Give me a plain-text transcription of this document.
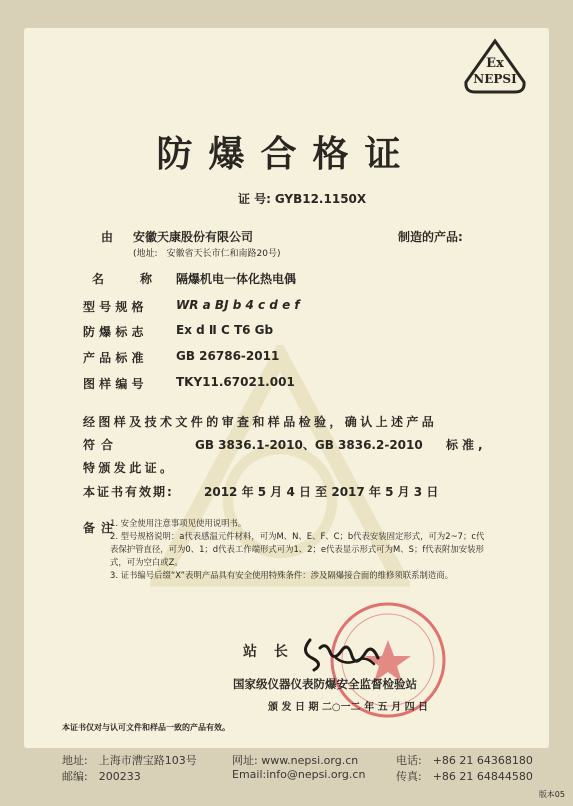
Ex
NEPSI
防爆合格证
证 号: GYB12.1150X
由 安徽天康股份有限公司	制造的产品:
(地址:　安徽省天长市仁和南路20号)
名　　　称 隔爆机电一体化热电偶
型 号 规 格	WR a BJ b 4 c d e f
防 爆 标 志	Ex d Ⅱ C T6 Gb
产 品 标 准	GB 26786-2011
图 样 编 号	TKY11.67021.001
经图样及技术文件的审查和样品检验，确认上述产品
符合	GB 3836.1-2010、GB 3836.2-2010 标准,
特颁发此证。
本证书有效期:	2012 年 5 月 4 日 至 2017 年 5 月 3 日
备注
1. 安全使用注意事项见使用说明书。
2. 型号规格说明：a代表感温元件材料，可为M、N、E、F、C；b代表安装固定形式，可为2~7；c代
表保护管直径，可为0、1；d代表工作端形式可为1、2；e代表显示形式可为M、S；f代表附加安装形
式，可为空白或Z。
3. 证书编号后缀“X”表明产品具有安全使用特殊条件：涉及隔爆接合面的维修须联系制造商。
站 长
国家级仪器仪表防爆安全监督检验站
颁 发 日 期 二○一二 年 五 月 四 日
本证书仅对与认可文件和样品一致的产品有效。
地址:　上海市漕宝路103号
邮编:　200233
网址: www.nepsi.org.cn
Email:info@nepsi.org.cn
电话:　+86 21 64368180
传真:　+86 21 64844580
版本05
